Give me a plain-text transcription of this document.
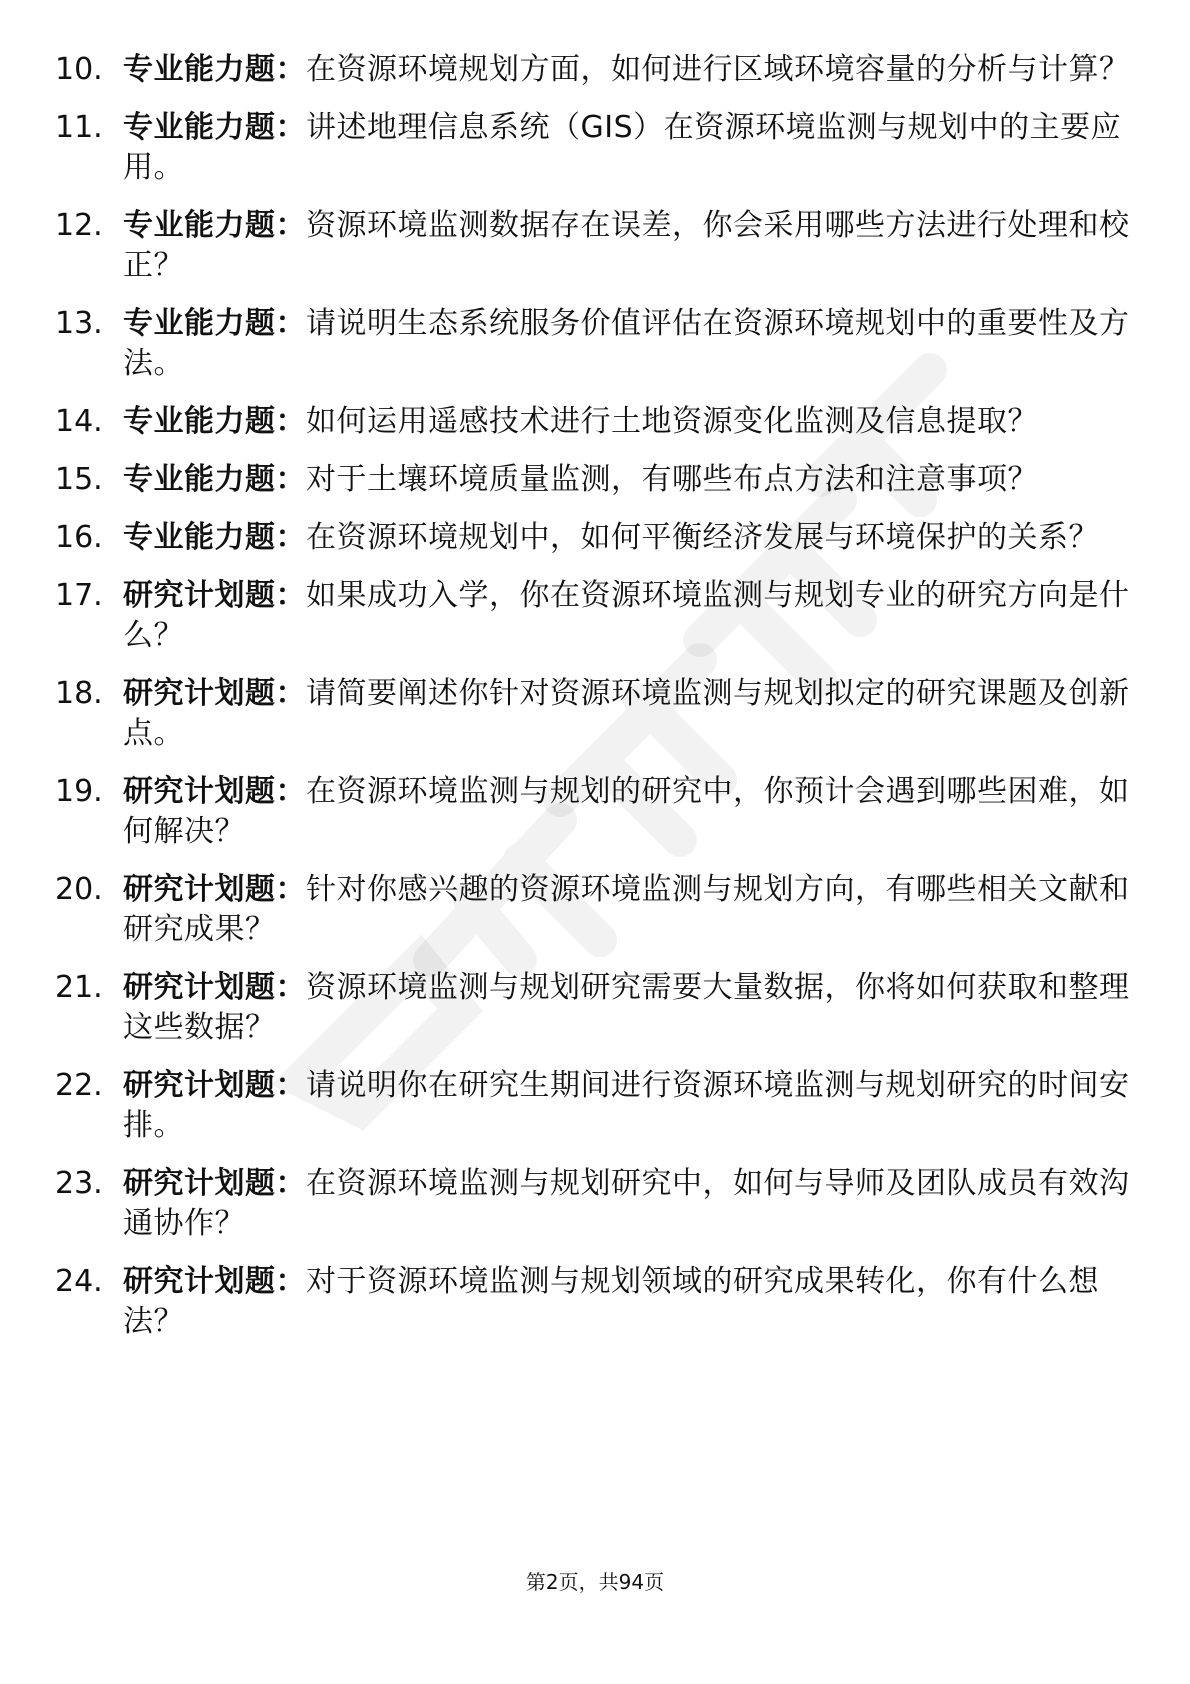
10. 专业能力题：在资源环境规划方面，如何进行区域环境容量的分析与计算？
11. 专业能力题：讲述地理信息系统（GIS）在资源环境监测与规划中的主要应用。
12. 专业能力题：资源环境监测数据存在误差，你会采用哪些方法进行处理和校正？
13. 专业能力题：请说明生态系统服务价值评估在资源环境规划中的重要性及方法。
14. 专业能力题：如何运用遥感技术进行土地资源变化监测及信息提取？
15. 专业能力题：对于土壤环境质量监测，有哪些布点方法和注意事项？
16. 专业能力题：在资源环境规划中，如何平衡经济发展与环境保护的关系？
17. 研究计划题：如果成功入学，你在资源环境监测与规划专业的研究方向是什么？
18. 研究计划题：请简要阐述你针对资源环境监测与规划拟定的研究课题及创新点。
19. 研究计划题：在资源环境监测与规划的研究中，你预计会遇到哪些困难，如何解决？
20. 研究计划题：针对你感兴趣的资源环境监测与规划方向，有哪些相关文献和研究成果？
21. 研究计划题：资源环境监测与规划研究需要大量数据，你将如何获取和整理这些数据？
22. 研究计划题：请说明你在研究生期间进行资源环境监测与规划研究的时间安排。
23. 研究计划题：在资源环境监测与规划研究中，如何与导师及团队成员有效沟通协作？
24. 研究计划题：对于资源环境监测与规划领域的研究成果转化，你有什么想法？
第2页，共94页
